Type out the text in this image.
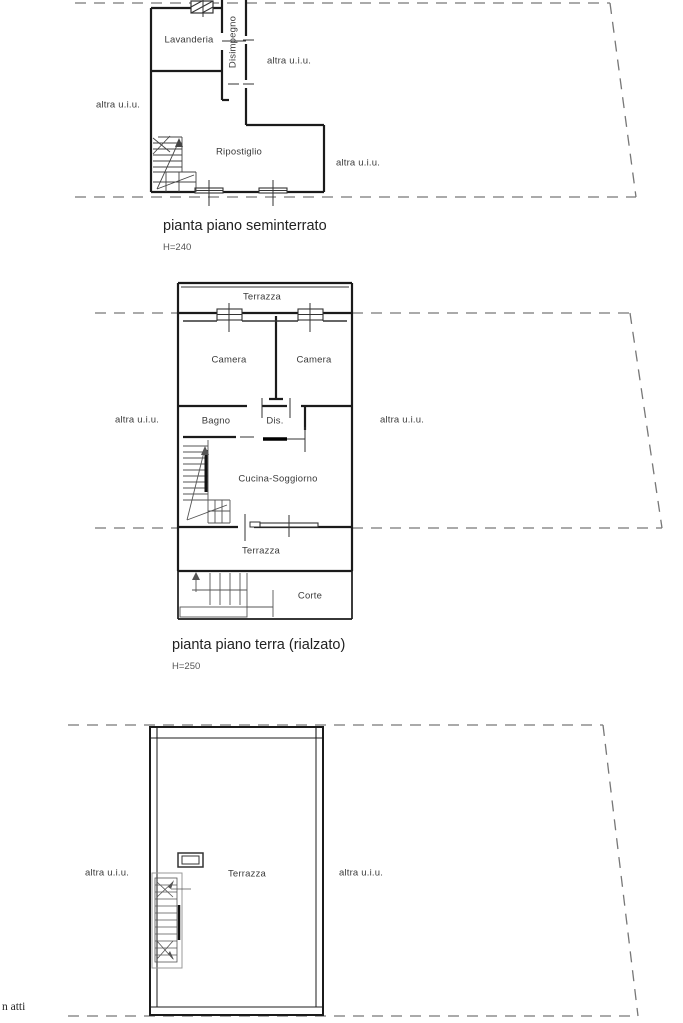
Lavanderia Disimpegno
Ripostiglio
altra u.i.u.
altra u.i.u.
altra u.i.u.
pianta piano seminterrato
H=240
Terrazza
Camera	Camera
Bagno	Dis.
Cucina-Soggiorno
Terrazza
Corte
altra u.i.u.	altra u.i.u.
pianta piano terra (rialzato)
H=250
Terrazza
altra u.i.u.	altra u.i.u.
n atti
